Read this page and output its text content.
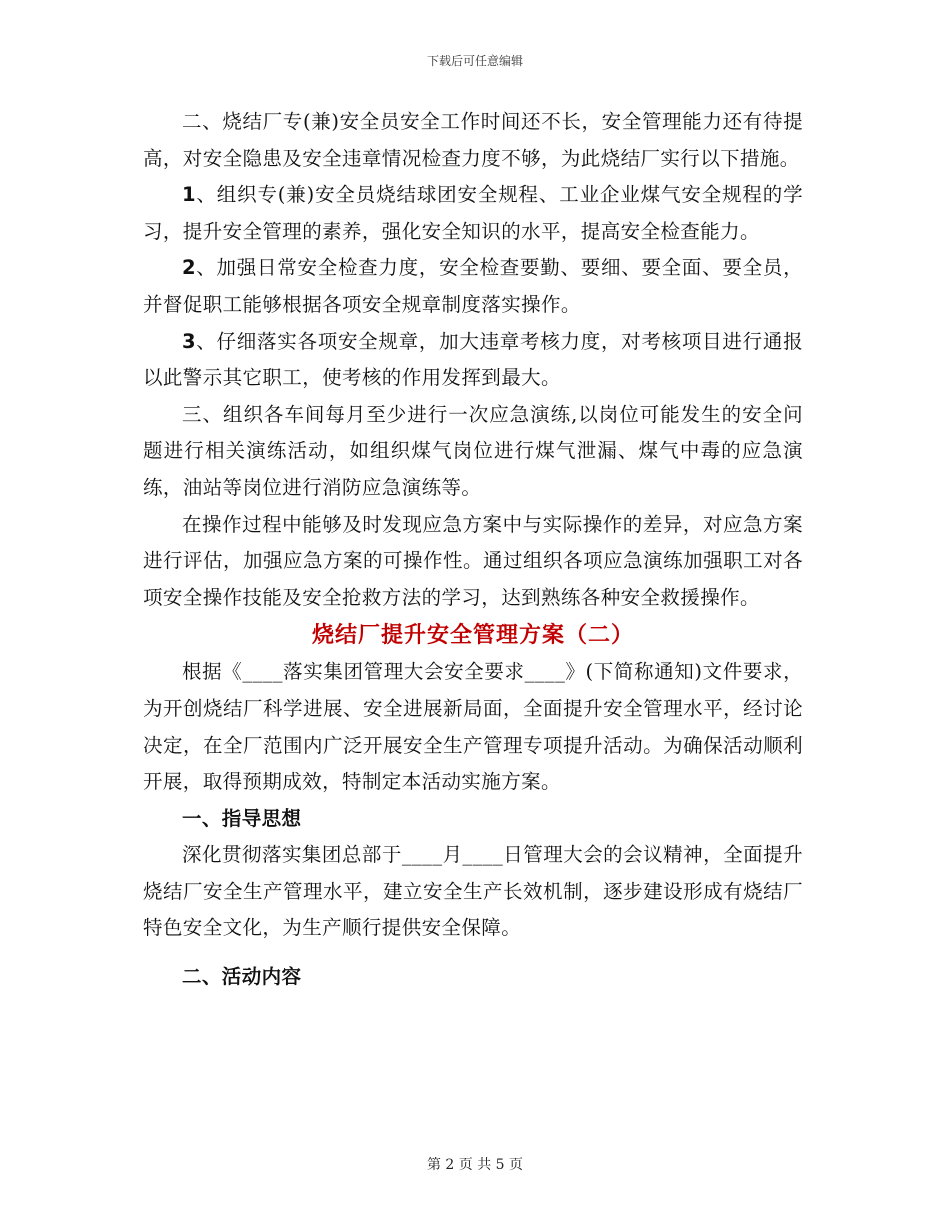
下载后可任意编辑

二、烧结厂专(兼)安全员安全工作时间还不长，安全管理能力还有待提高，对安全隐患及安全违章情况检查力度不够，为此烧结厂实行以下措施。

1、组织专(兼)安全员烧结球团安全规程、工业企业煤气安全规程的学习，提升安全管理的素养，强化安全知识的水平，提高安全检查能力。

2、加强日常安全检查力度，安全检查要勤、要细、要全面、要全员，并督促职工能够根据各项安全规章制度落实操作。

3、仔细落实各项安全规章，加大违章考核力度，对考核项目进行通报以此警示其它职工，使考核的作用发挥到最大。

三、组织各车间每月至少进行一次应急演练,以岗位可能发生的安全问题进行相关演练活动，如组织煤气岗位进行煤气泄漏、煤气中毒的应急演练，油站等岗位进行消防应急演练等。

在操作过程中能够及时发现应急方案中与实际操作的差异，对应急方案进行评估，加强应急方案的可操作性。通过组织各项应急演练加强职工对各项安全操作技能及安全抢救方法的学习，达到熟练各种安全救援操作。

烧结厂提升安全管理方案（二）

根据《____落实集团管理大会安全要求____》(下简称通知)文件要求，为开创烧结厂科学进展、安全进展新局面，全面提升安全管理水平，经讨论决定，在全厂范围内广泛开展安全生产管理专项提升活动。为确保活动顺利开展，取得预期成效，特制定本活动实施方案。

一、指导思想

深化贯彻落实集团总部于____月____日管理大会的会议精神，全面提升烧结厂安全生产管理水平，建立安全生产长效机制，逐步建设形成有烧结厂特色安全文化，为生产顺行提供安全保障。

二、活动内容
第 2 页 共 5 页
